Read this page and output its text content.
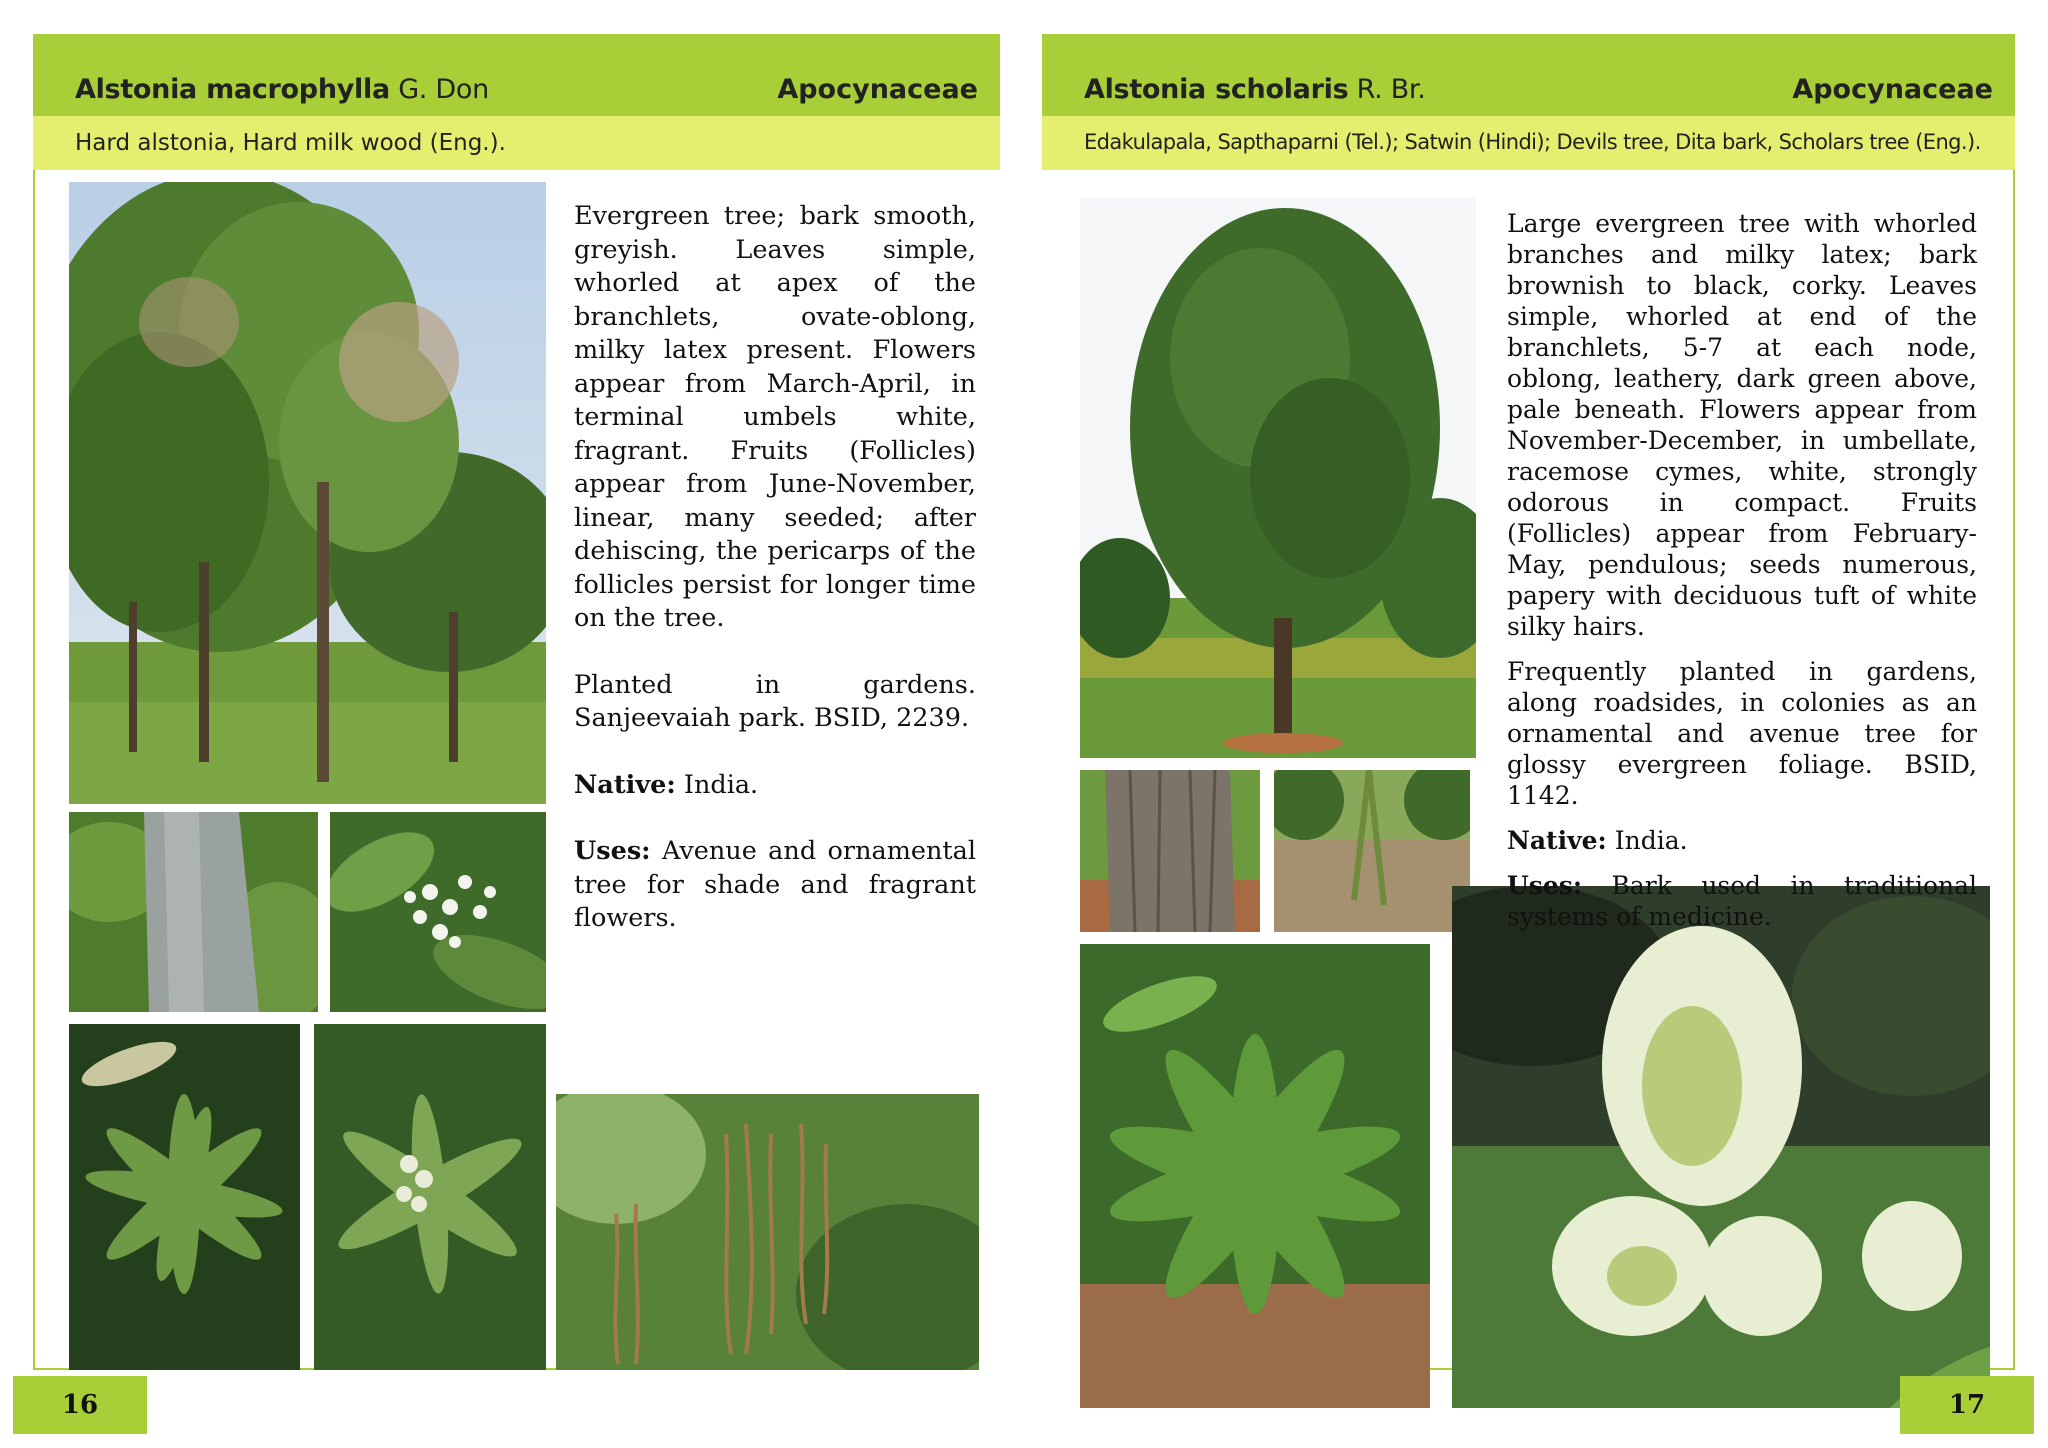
Alstonia macrophylla G. Don	Apocynaceae
Hard alstonia, Hard milk wood (Eng.).

Evergreen tree; bark smooth, greyish. Leaves simple, whorled at apex of the branchlets, ovate-oblong, milky latex present. Flowers appear from March-April, in terminal umbels white, fragrant. Fruits (Follicles) appear from June-November, linear, many seeded; after dehiscing, the pericarps of the follicles persist for longer time on the tree.

Planted in gardens. Sanjeevaiah park. BSID, 2239.

Native: India.

Uses: Avenue and ornamental tree for shade and fragrant flowers.

16
Alstonia scholaris R. Br.	Apocynaceae
Edakulapala, Sapthaparni (Tel.); Satwin (Hindi); Devils tree, Dita bark, Scholars tree (Eng.).

Large evergreen tree with whorled branches and milky latex; bark brownish to black, corky. Leaves simple, whorled at end of the branchlets, 5-7 at each node, oblong, leathery, dark green above, pale beneath. Flowers appear from November-December, in umbellate, racemose cymes, white, strongly odorous in compact. Fruits (Follicles) appear from February-May, pendulous; seeds numerous, papery with deciduous tuft of white silky hairs.

Frequently planted in gardens, along roadsides, in colonies as an ornamental and avenue tree for glossy evergreen foliage. BSID, 1142.

Native: India.

Uses: Bark used in traditional systems of medicine.

17
